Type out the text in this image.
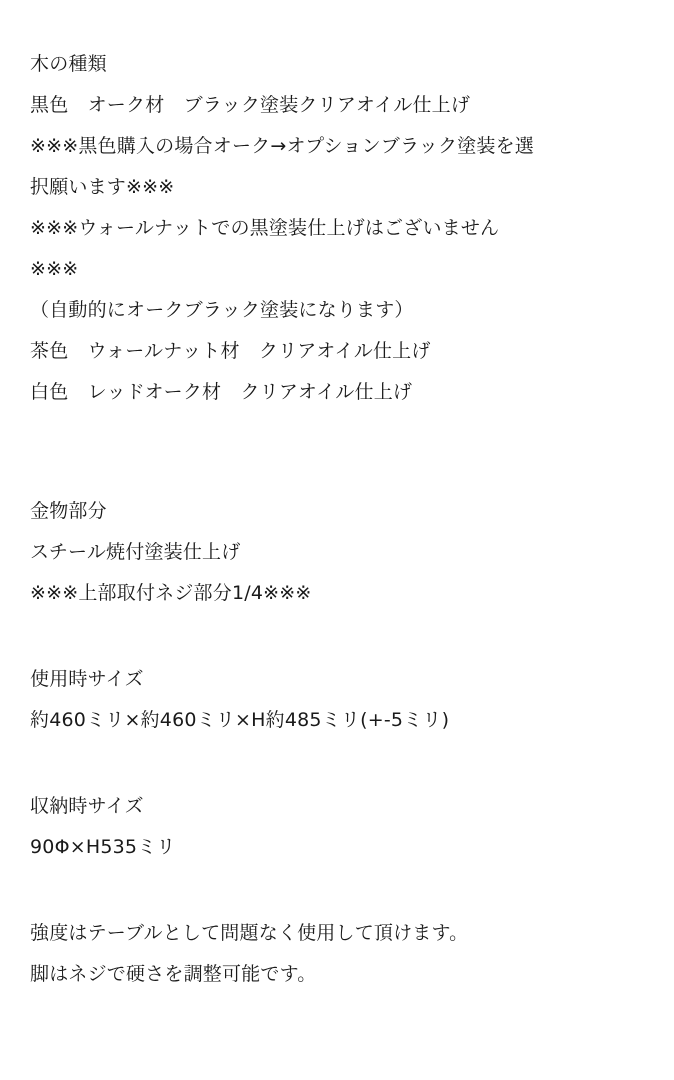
木の種類
黒色　オーク材　ブラック塗装クリアオイル仕上げ
※※※黒色購入の場合オーク→オプションブラック塗装を選
択願います※※※
※※※ウォールナットでの黒塗装仕上げはございません
※※※
（自動的にオークブラック塗装になります）
茶色　ウォールナット材　クリアオイル仕上げ
白色　レッドオーク材　クリアオイル仕上げ
金物部分
スチール焼付塗装仕上げ
※※※上部取付ネジ部分1/4※※※
使用時サイズ
約460ミリ×約460ミリ×H約485ミリ(+-5ミリ)
収納時サイズ
90Φ×H535ミリ
強度はテーブルとして問題なく使用して頂けます。
脚はネジで硬さを調整可能です。
